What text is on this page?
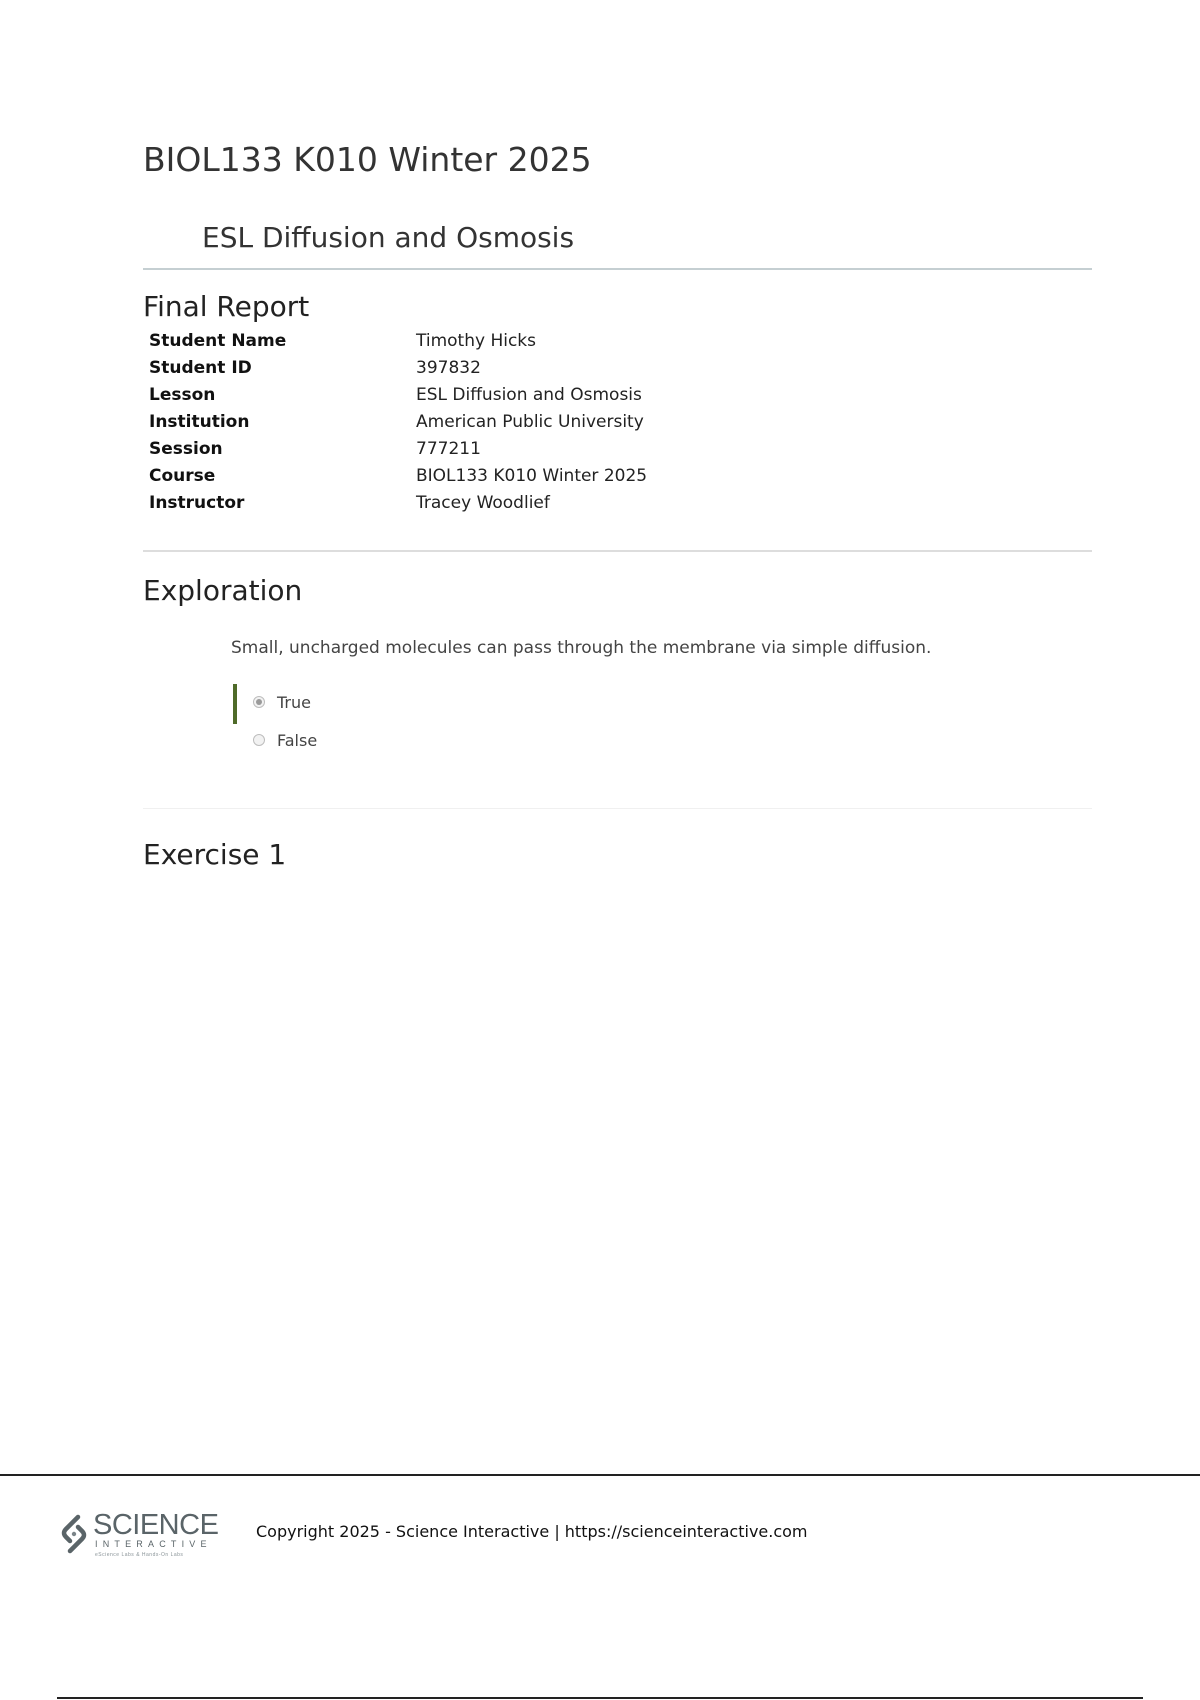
BIOL133 K010 Winter 2025
ESL Diffusion and Osmosis
Final Report
Student Name	Timothy Hicks
Student ID	397832
Lesson	ESL Diffusion and Osmosis
Institution	American Public University
Session	777211
Course	BIOL133 K010 Winter 2025
Instructor	Tracey Woodlief
Exploration
Small, uncharged molecules can pass through the membrane via simple diffusion.
True
False
Exercise 1
SCIENCE
INTERACTIVE
eScience Labs & Hands-On Labs
Copyright 2025 - Science Interactive | https://scienceinteractive.com
